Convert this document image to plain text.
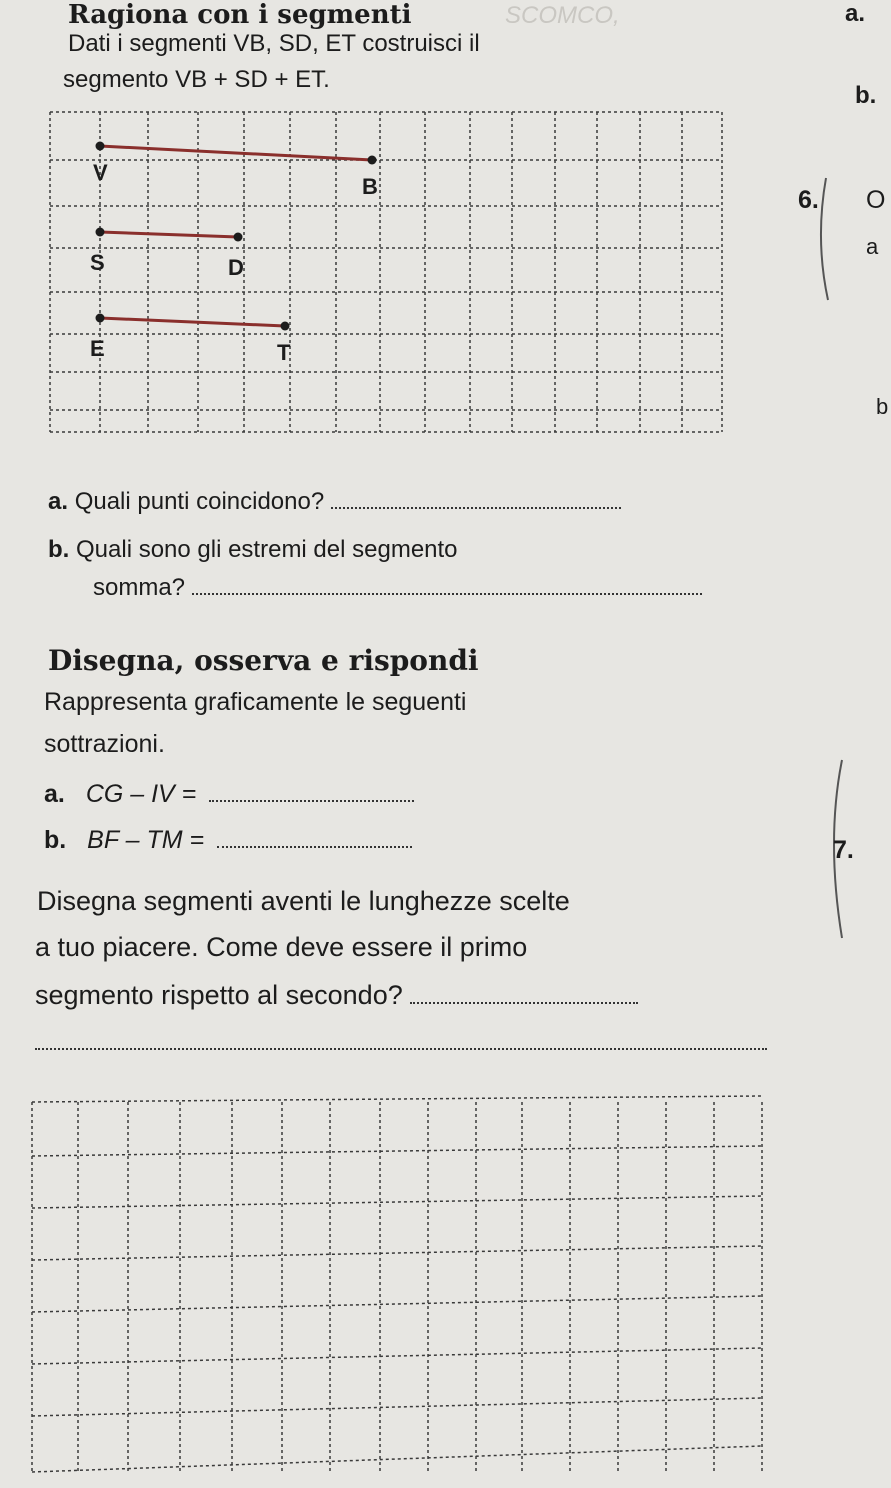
Ragiona con i segmenti	SCOMCO,	a.
Dati i segmenti VB, SD, ET costruisci il
segmento VB + SD + ET.
b.
V
B
S	D
E	T
6. O
a
b
7.
a. Quali punti coincidono?
b. Quali sono gli estremi del segmento
somma?
Disegna, osserva e rispondi
Rappresenta graficamente le seguenti
sottrazioni.
a. CG – IV =
b. BF – TM =
Disegna segmenti aventi le lunghezze scelte
a tuo piacere. Come deve essere il primo
segmento rispetto al secondo?
